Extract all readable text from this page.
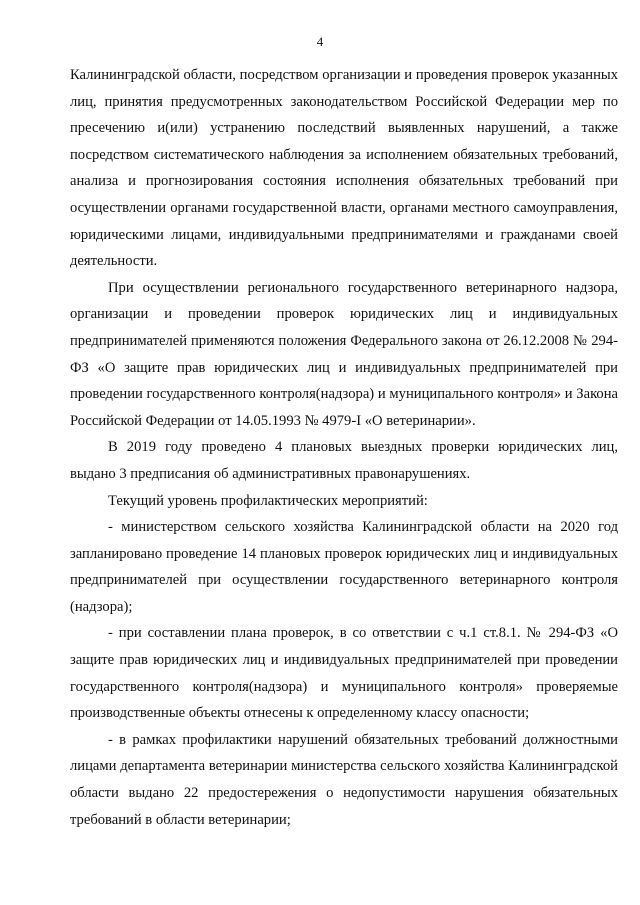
4

Калининградской области, посредством организации и проведения проверок указанных лиц, принятия предусмотренных законодательством Российской Федерации мер по пресечению и(или) устранению последствий выявленных нарушений, а также посредством систематического наблюдения за исполнением обязательных требований, анализа и прогнозирования состояния исполнения обязательных требований при осуществлении органами государственной власти, органами местного самоуправления, юридическими лицами, индивидуальными предпринимателями и гражданами своей деятельности.

При осуществлении регионального государственного ветеринарного надзора, организации и проведении проверок юридических лиц и индивидуальных предпринимателей применяются положения Федерального закона от 26.12.2008 № 294-ФЗ «О защите прав юридических лиц и индивидуальных предпринимателей при проведении государственного контроля(надзора) и муниципального контроля» и Закона Российской Федерации от 14.05.1993 № 4979-I «О ветеринарии».

В 2019 году проведено 4 плановых выездных проверки юридических лиц, выдано 3 предписания об административных правонарушениях.

Текущий уровень профилактических мероприятий:

- министерством сельского хозяйства Калининградской области на 2020 год запланировано проведение 14 плановых проверок юридических лиц и индивидуальных предпринимателей при осуществлении государственного ветеринарного контроля (надзора);

- при составлении плана проверок, в со ответствии с ч.1 ст.8.1. № 294-ФЗ «О защите прав юридических лиц и индивидуальных предпринимателей при проведении государственного контроля(надзора) и муниципального контроля» проверяемые производственные объекты отнесены к определенному классу опасности;

- в рамках профилактики нарушений обязательных требований должностными лицами департамента ветеринарии министерства сельского хозяйства Калининградской области выдано 22 предостережения о недопустимости нарушения обязательных требований в области ветеринарии;
